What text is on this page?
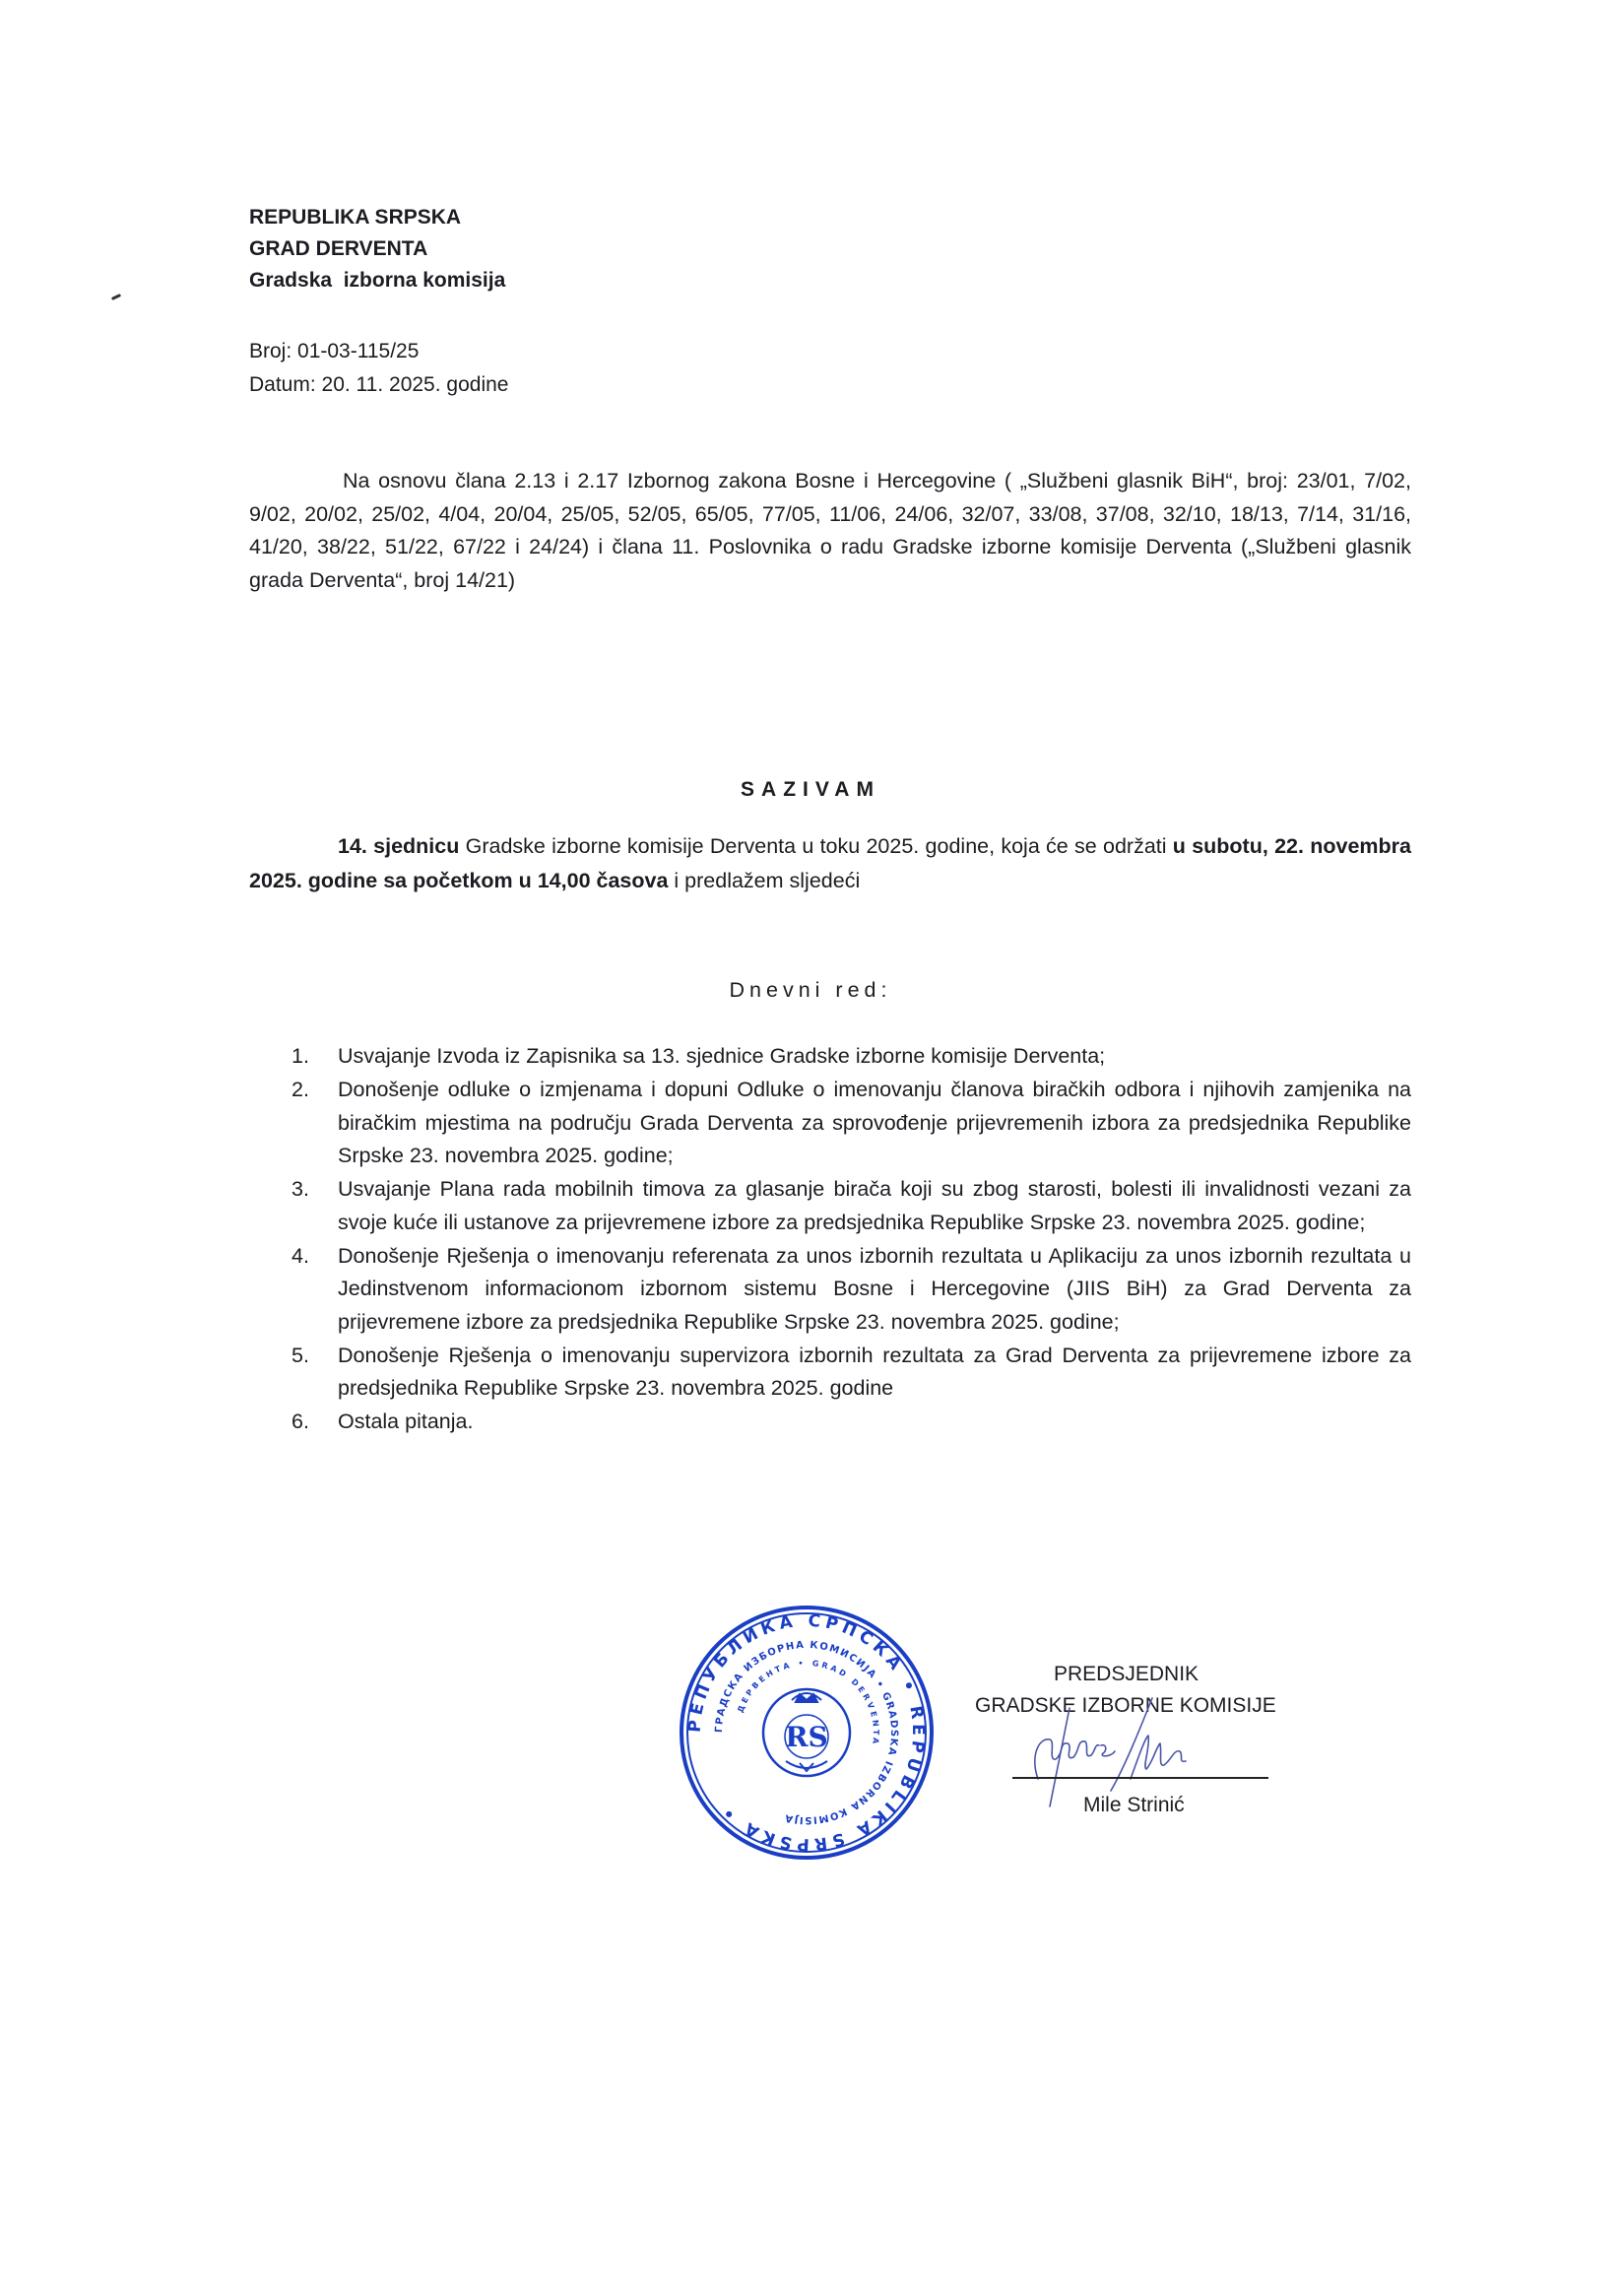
REPUBLIKA SRPSKA
GRAD DERVENTA
Gradska  izborna komisija
Broj: 01-03-115/25
Datum: 20. 11. 2025. godine
Na osnovu člana 2.13 i 2.17 Izbornog zakona Bosne i Hercegovine ( „Službeni glasnik BiH“, broj: 23/01, 7/02, 9/02, 20/02, 25/02, 4/04, 20/04, 25/05, 52/05, 65/05, 77/05, 11/06, 24/06, 32/07, 33/08, 37/08, 32/10, 18/13, 7/14, 31/16, 41/20, 38/22, 51/22, 67/22 i 24/24) i člana 11. Poslovnika o radu Gradske izborne komisije Derventa („Službeni glasnik grada Derventa“, broj 14/21)
SAZIVAM
14. sjednicu Gradske izborne komisije Derventa u toku 2025. godine, koja će se održati u subotu, 22. novembra 2025. godine sa početkom u 14,00 časova i predlažem sljedeći
Dnevni red:
1. Usvajanje Izvoda iz Zapisnika sa 13. sjednice Gradske izborne komisije Derventa;
2. Donošenje odluke o izmjenama i dopuni Odluke o imenovanju članova biračkih odbora i njihovih zamjenika na biračkim mjestima na području Grada Derventa za sprovođenje prijevremenih izbora za predsjednika Republike Srpske 23. novembra 2025. godine;
3. Usvajanje Plana rada mobilnih timova za glasanje birača koji su zbog starosti, bolesti ili invalidnosti vezani za svoje kuće ili ustanove za prijevremene izbore za predsjednika Republike Srpske 23. novembra 2025. godine;
4. Donošenje Rješenja o imenovanju referenata za unos izbornih rezultata u Aplikaciju za unos izbornih rezultata u Jedinstvenom informacionom izbornom sistemu Bosne i Hercegovine (JIIS BiH) za Grad Derventa za prijevremene izbore za predsjednika Republike Srpske 23. novembra 2025. godine;
5. Donošenje Rješenja o imenovanju supervizora izbornih rezultata za Grad Derventa za prijevremene izbore za predsjednika Republike Srpske 23. novembra 2025. godine
6. Ostala pitanja.
РЕПУБЛИКА СРПСКА • REPUBLIKA SRPSKA •
ГРАДСКА ИЗБОРНА КОМИСИЈА • GRADSKA IZBORNA KOMISIJA
ДЕРВЕНТА • GRAD DERVENTA
RS
PREDSJEDNIK
GRADSKE IZBORNE KOMISIJE
Mile Strinić
